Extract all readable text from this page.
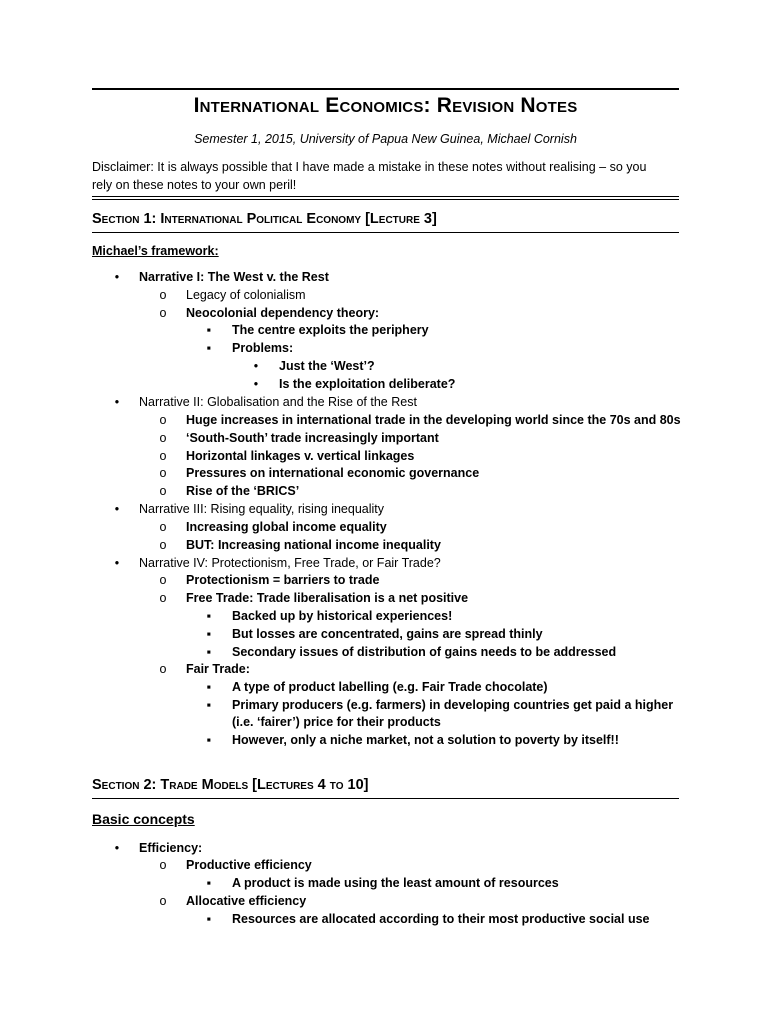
International Economics: Revision Notes
Semester 1, 2015, University of Papua New Guinea, Michael Cornish
Disclaimer: It is always possible that I have made a mistake in these notes without realising – so you
rely on these notes to your own peril!
Section 1: International Political Economy [Lecture 3]
Michael’s framework:
• Narrative I: The West v. the Rest
o Legacy of colonialism
o Neocolonial dependency theory:
▪ The centre exploits the periphery
▪ Problems:
• Just the ‘West’?
• Is the exploitation deliberate?
• Narrative II: Globalisation and the Rise of the Rest
o Huge increases in international trade in the developing world since the 70s and 80s
o ‘South-South’ trade increasingly important
o Horizontal linkages v. vertical linkages
o Pressures on international economic governance
o Rise of the ‘BRICS’
• Narrative III: Rising equality, rising inequality
o Increasing global income equality
o BUT: Increasing national income inequality
• Narrative IV: Protectionism, Free Trade, or Fair Trade?
o Protectionism = barriers to trade
o Free Trade: Trade liberalisation is a net positive
▪ Backed up by historical experiences!
▪ But losses are concentrated, gains are spread thinly
▪ Secondary issues of distribution of gains needs to be addressed
o Fair Trade:
▪ A type of product labelling (e.g. Fair Trade chocolate)
▪ Primary producers (e.g. farmers) in developing countries get paid a higher
(i.e. ‘fairer’) price for their products
▪ However, only a niche market, not a solution to poverty by itself!!
Section 2: Trade Models [Lectures 4 to 10]
Basic concepts
• Efficiency:
o Productive efficiency
▪ A product is made using the least amount of resources
o Allocative efficiency
▪ Resources are allocated according to their most productive social use
